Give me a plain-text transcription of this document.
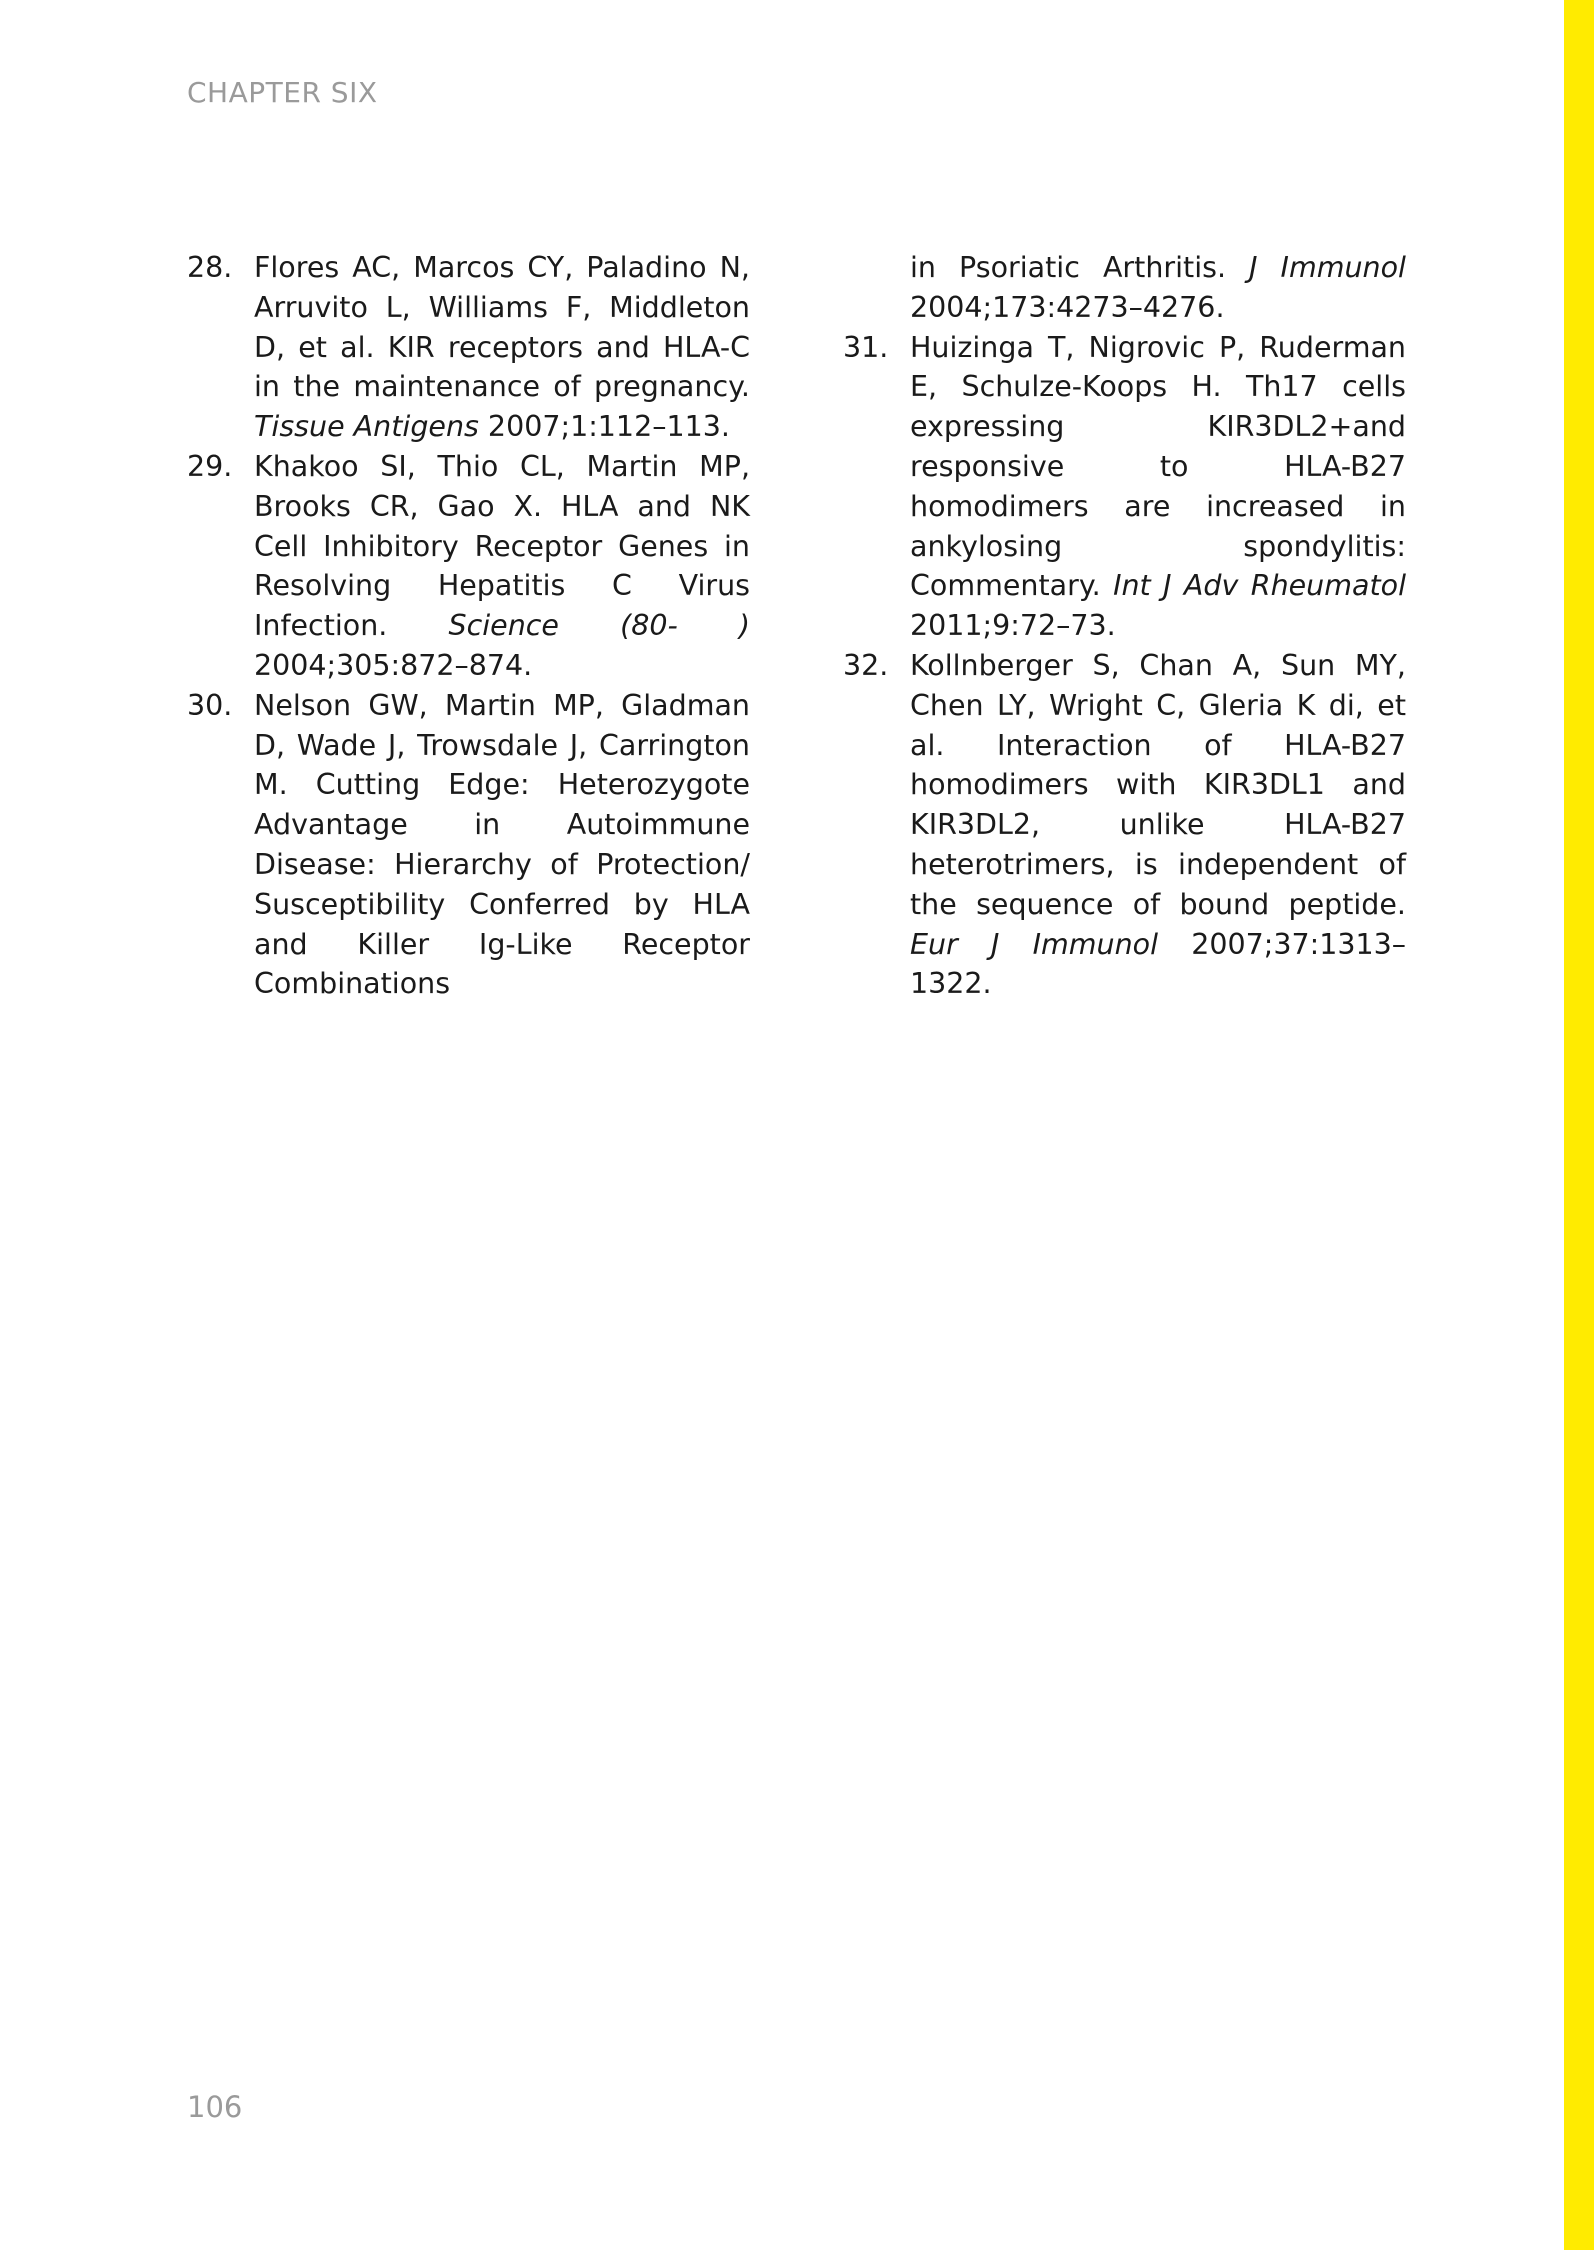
CHAPTER SIX

28. Flores AC, Marcos CY, Paladino N, Arruvito L, Williams F, Middleton D, et al. KIR receptors and HLA-C in the maintenance of pregnancy. Tissue Antigens 2007;1:112–113.

29. Khakoo SI, Thio CL, Martin MP, Brooks CR, Gao X. HLA and NK Cell Inhibitory Receptor Genes in Resolving Hepatitis C Virus Infection. Science (80- ) 2004;305:872–874.

30. Nelson GW, Martin MP, Gladman D, Wade J, Trowsdale J, Carrington M. Cutting Edge: Heterozygote Advantage in Autoimmune Disease: Hierarchy of Protection/ Susceptibility Conferred by HLA and Killer Ig-Like Receptor Combinations

in Psoriatic Arthritis. J Immunol 2004;173:4273–4276.

31. Huizinga T, Nigrovic P, Ruderman E, Schulze-Koops H. Th17 cells expressing KIR3DL2+and responsive to HLA-B27 homodimers are increased in ankylosing spondylitis: Commentary. Int J Adv Rheumatol 2011;9:72–73.

32. Kollnberger S, Chan A, Sun MY, Chen LY, Wright C, Gleria K di, et al. Interaction of HLA-B27 homodimers with KIR3DL1 and KIR3DL2, unlike HLA-B27 heterotrimers, is independent of the sequence of bound peptide. Eur J Immunol 2007;37:1313–1322.

106
